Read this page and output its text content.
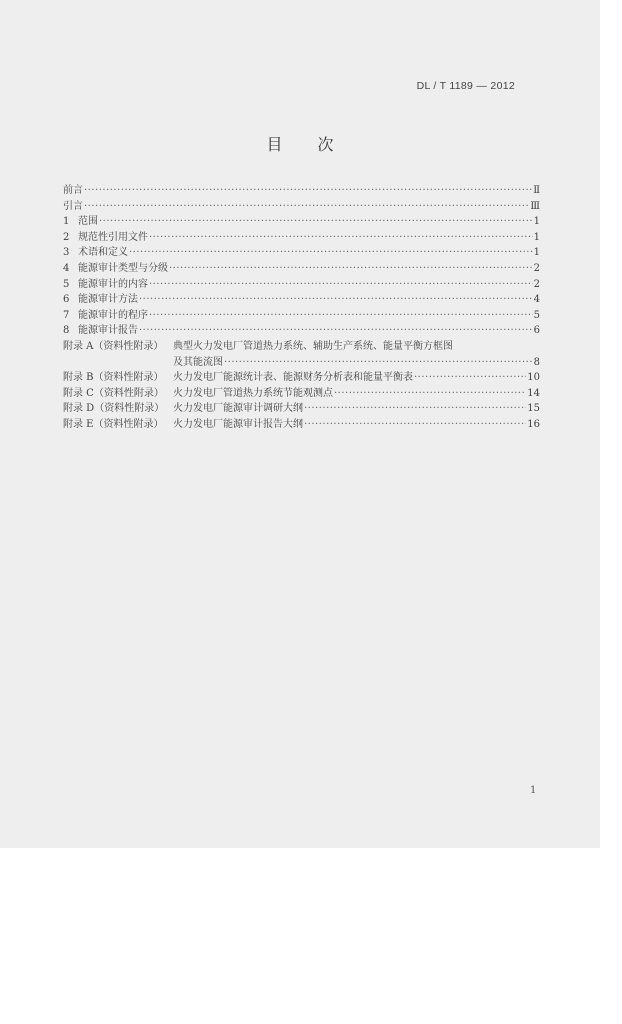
DL / T 1189 — 2012
目 次
前言 ·····	Ⅱ
引言 ·····	Ⅲ
1 范围 ·····	1
2 规范性引用文件 ·····	1
3 术语和定义 ·····	1
4 能源审计类型与分级 ·····	2
5 能源审计的内容 ·····	2
6 能源审计方法 ·····	4
7 能源审计的程序 ·····	5
8 能源审计报告 ·····	6
附录 A（资料性附录） 典型火力发电厂管道热力系统、辅助生产系统、能量平衡方框图
及其能流图 ·····	8
附录 B（资料性附录） 火力发电厂能源统计表、能源财务分析表和能量平衡表 ·····	10
附录 C（资料性附录） 火力发电厂管道热力系统节能观测点 ·····	14
附录 D（资料性附录） 火力发电厂能源审计调研大纲 ·····	15
附录 E（资料性附录） 火力发电厂能源审计报告大纲 ·····	16
1
